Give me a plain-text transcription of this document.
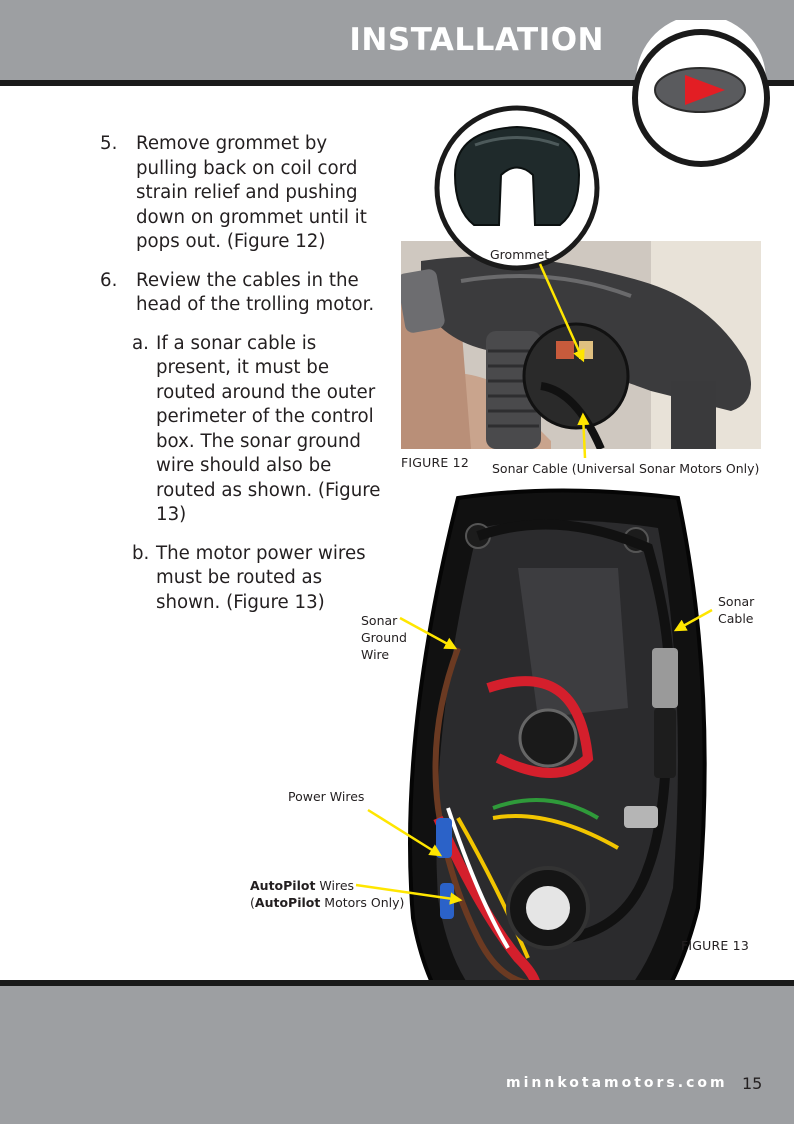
INSTALLATION
5. Remove grommet by pulling back on coil cord strain relief and pushing down on grommet until it pops out. (Figure 12)
6. Review the cables in the head of the trolling motor.
a. If a sonar cable is present, it must be routed around the outer perimeter of the control box. The sonar ground wire should also be routed as shown. (Figure 13)
b. The motor power wires must be routed as shown. (Figure 13)
Grommet
FIGURE 12 Sonar Cable (Universal Sonar Motors Only)
Sonar
Ground
Wire
Sonar
Cable
Power Wires
AutoPilot Wires
(AutoPilot Motors Only)
FIGURE 13
minnkotamotors.com 15
